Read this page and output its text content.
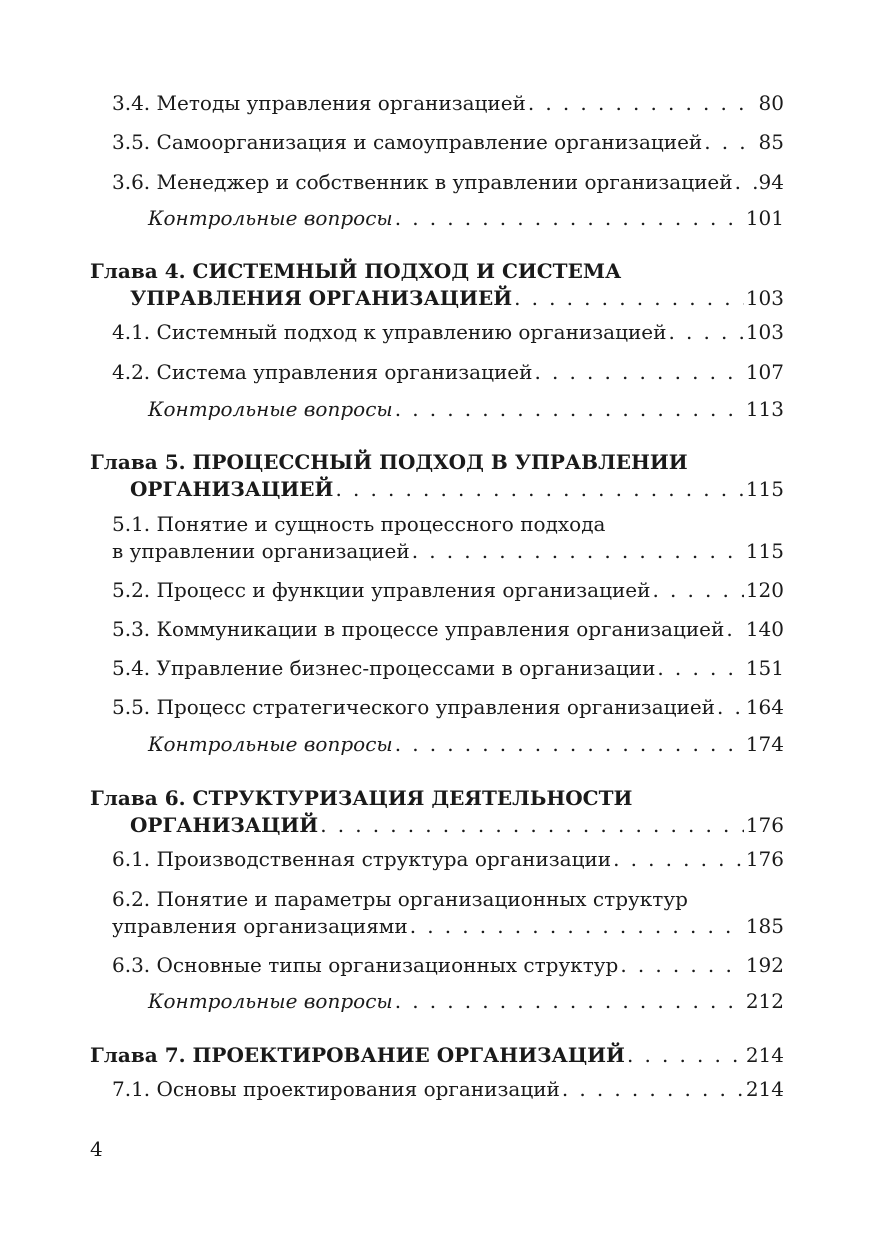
3.4. Методы управления организацией . . .	80
3.5. Самоорганизация и самоуправление организацией . . .	85
3.6. Менеджер и собственник в управлении организацией . . . 94
Контрольные вопросы . . .	101
Глава 4. СИСТЕМНЫЙ ПОДХОД И СИСТЕМА
УПРАВЛЕНИЯ ОРГАНИЗАЦИЕЙ . . .	103
4.1. Системный подход к управлению организацией . . .	103
4.2. Система управления организацией . . .	107
Контрольные вопросы . . .	113
Глава 5. ПРОЦЕССНЫЙ ПОДХОД В УПРАВЛЕНИИ
ОРГАНИЗАЦИЕЙ . . .	115
5.1. Понятие и сущность процессного подхода
в управлении организацией . . .	115
5.2. Процесс и функции управления организацией . . .	120
5.3. Коммуникации в процессе управления организацией . . . 140
5.4. Управление бизнес-процессами в организации . . .	151
5.5. Процесс стратегического управления организацией . . . 164
Контрольные вопросы . . .	174
Глава 6. СТРУКТУРИЗАЦИЯ ДЕЯТЕЛЬНОСТИ
ОРГАНИЗАЦИЙ . . .	176
6.1. Производственная структура организации . . .	176
6.2. Понятие и параметры организационных структур
управления организациями . . .	185
6.3. Основные типы организационных структур . . .	192
Контрольные вопросы . . .	212
Глава 7. ПРОЕКТИРОВАНИЕ ОРГАНИЗАЦИЙ . . .	214
7.1. Основы проектирования организаций . . .	214
4
